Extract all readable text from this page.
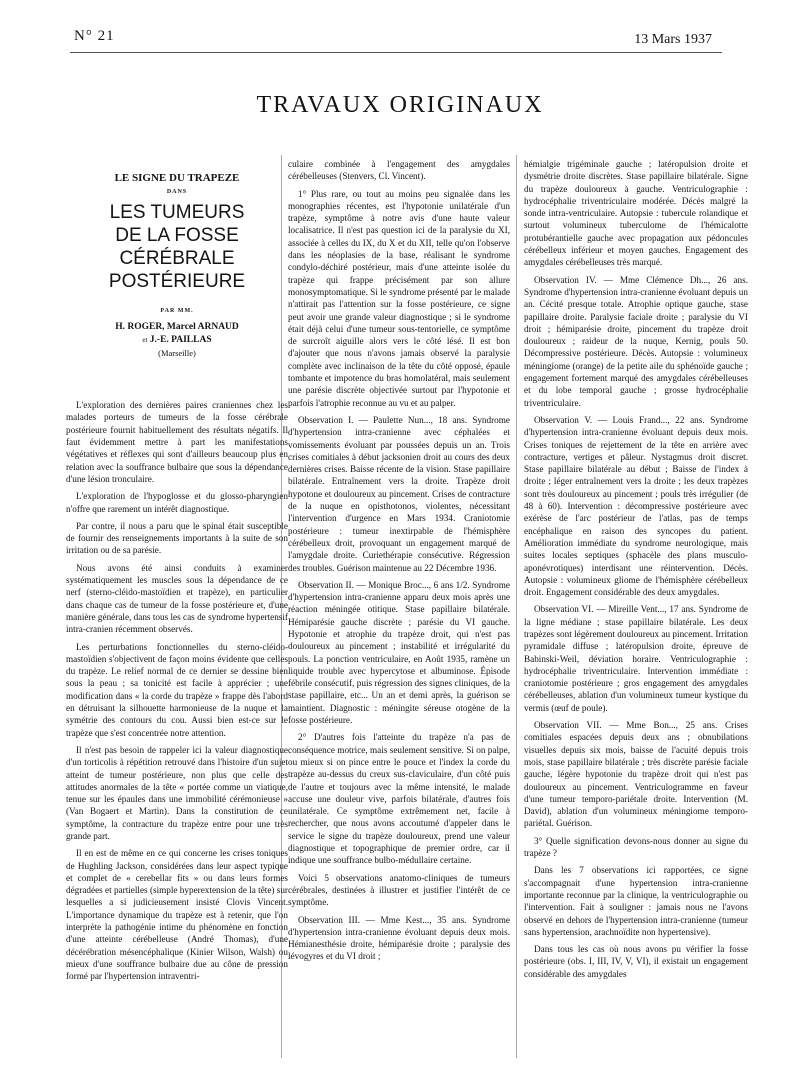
N° 21	13 Mars 1937
TRAVAUX ORIGINAUX
LE SIGNE DU TRAPEZE
DANS
LES TUMEURS
DE LA FOSSE CÉRÉBRALE
POSTÉRIEURE
PAR MM.
H. ROGER, Marcel ARNAUD
et J.-E. PAILLAS
(Marseille)

L'exploration des dernières paires craniennes chez les malades porteurs de tumeurs de la fosse cérébrale postérieure fournit habituellement des résultats négatifs. Il faut évidemment mettre à part les manifestations végétatives et réflexes qui sont d'ailleurs beaucoup plus en relation avec la souffrance bulbaire que sous la dépendance d'une lésion tronculaire.

L'exploration de l'hypoglosse et du glosso-pharyngien n'offre que rarement un intérêt diagnostique.

Par contre, il nous a paru que le spinal était susceptible de fournir des renseignements importants à la suite de son irritation ou de sa parésie.

Nous avons été ainsi conduits à examiner systématiquement les muscles sous la dépendance de ce nerf (sterno-cléido-mastoïdien et trapèze), en particulier dans chaque cas de tumeur de la fosse postérieure et, d'une manière générale, dans tous les cas de syndrome hypertensif intra-cranien récemment observés.

Les perturbations fonctionnelles du sterno-cléido-mastoïdien s'objectivent de façon moins évidente que celles du trapèze. Le relief normal de ce dernier se dessine bien sous la peau ; sa tonicité est facile à apprécier ; une modification dans « la corde du trapèze » frappe dès l'abord en détruisant la silhouette harmonieuse de la nuque et la symétrie des contours du cou. Aussi bien est-ce sur le trapèze que s'est concentrée notre attention.

Il n'est pas besoin de rappeler ici la valeur diagnostique d'un torticolis à répétition retrouvé dans l'histoire d'un sujet atteint de tumeur postérieure, non plus que celle des attitudes anormales de la tête « portée comme un viatique, tenue sur les épaules dans une immobilité cérémonieuse » (Van Bogaert et Martin). Dans la constitution de ce symptôme, la contracture du trapèze entre pour une très grande part.

Il en est de même en ce qui concerne les crises toniques de Hughling Jackson, considérées dans leur aspect typique et complet de « cerebellar fits » ou dans leurs formes dégradées et partielles (simple hyperextension de la tête) sur lesquelles a si judicieusement insisté Clovis Vincent. L'importance dynamique du trapèze est à retenir, que l'on interprète la pathogénie intime du phénomène en fonction d'une atteinte cérébelleuse (André Thomas), d'une décérébration mésencéphalique (Kinier Wilson, Walsh) ou mieux d'une souffrance bulbaire due au cône de pression formé par l'hypertension intraventri-

culaire combinée à l'engagement des amygdales cérébelleuses (Stenvers, Cl. Vincent).

1° Plus rare, ou tout au moins peu signalée dans les monographies récentes, est l'hypotonie unilatérale d'un trapèze, symptôme à notre avis d'une haute valeur localisatrice. Il n'est pas question ici de la paralysie du XI, associée à celles du IX, du X et du XII, telle qu'on l'observe dans les néoplasies de la base, réalisant le syndrome condylo-déchiré postérieur, mais d'une atteinte isolée du trapèze qui frappe précisément par son allure monosymptomatique. Si le syndrome présenté par le malade n'attirait pas l'attention sur la fosse postérieure, ce signe peut avoir une grande valeur diagnostique ; si le syndrome était déjà celui d'une tumeur sous-tentorielle, ce symptôme de surcroît aiguille alors vers le côté lésé. Il est bon d'ajouter que nous n'avons jamais observé la paralysie complète avec inclinaison de la tête du côté opposé, épaule tombante et impotence du bras homolatéral, mais seulement une parésie discrète objectivée surtout par l'hypotonie et parfois l'atrophie reconnue au vu et au palper.

Observation I. — Paulette Nun..., 18 ans. Syndrome d'hypertension intra-cranienne avec céphalées et vomissements évoluant par poussées depuis un an. Trois crises comitiales à début jacksonien droit au cours des deux dernières crises. Baisse récente de la vision. Stase papillaire bilatérale. Entraînement vers la droite. Trapèze droit hypotone et douloureux au pincement. Crises de contracture de la nuque en opisthotonos, violentes, nécessitant l'intervention d'urgence en Mars 1934. Craniotomie postérieure : tumeur inextirpable de l'hémisphère cérébelleux droit, provoquant un engagement marqué de l'amygdale droite. Curiethérapie consécutive. Régression des troubles. Guérison maintenue au 22 Décembre 1936.

Observation II. — Monique Broc..., 6 ans 1/2. Syndrome d'hypertension intra-cranienne apparu deux mois après une réaction méningée otitique. Stase papillaire bilatérale. Hémiparésie gauche discrète ; parésie du VI gauche. Hypotonie et atrophie du trapèze droit, qui n'est pas douloureux au pincement ; instabilité et irrégularité du pouls. La ponction ventriculaire, en Août 1935, ramène un liquide trouble avec hypercytose et albuminose. Épisode fébrile consécutif, puis régression des signes cliniques, de la stase papillaire, etc... Un an et demi après, la guérison se maintient. Diagnostic : méningite séreuse otogène de la fosse postérieure.

2° D'autres fois l'atteinte du trapèze n'a pas de conséquence motrice, mais seulement sensitive. Si on palpe, ou mieux si on pince entre le pouce et l'index la corde du trapèze au-dessus du creux sus-claviculaire, d'un côté puis de l'autre et toujours avec la même intensité, le malade accuse une douleur vive, parfois bilatérale, d'autres fois unilatérale. Ce symptôme extrêmement net, facile à rechercher, que nous avons accoutumé d'appeler dans le service le signe du trapèze douloureux, prend une valeur diagnostique et topographique de premier ordre, car il indique une souffrance bulbo-médullaire certaine.

Voici 5 observations anatomo-cliniques de tumeurs cérébrales, destinées à illustrer et justifier l'intérêt de ce symptôme.

Observation III. — Mme Kest..., 35 ans. Syndrome d'hypertension intra-cranienne évoluant depuis deux mois. Hémianesthésie droite, hémiparésie droite ; paralysie des lévogyres et du VI droit ;

hémialgie trigéminale gauche ; latéropulsion droite et dysmétrie droite discrètes. Stase papillaire bilatérale. Signe du trapèze douloureux à gauche. Ventriculographie : hydrocéphalie triventriculaire modérée. Décès malgré la sonde intra-ventriculaire. Autopsie : tubercule rolandique et surtout volumineux tuberculome de l'hémicalotte protubérantielle gauche avec propagation aux pédoncules cérébelleux inférieur et moyen gauches. Engagement des amygdales cérébelleuses très marqué.

Observation IV. — Mme Clémence Dh..., 26 ans. Syndrome d'hypertension intra-cranienne évoluant depuis un an. Cécité presque totale. Atrophie optique gauche, stase papillaire droite. Paralysie faciale droite ; paralysie du VI droit ; hémiparésie droite, pincement du trapèze droit douloureux ; raideur de la nuque, Kernig, pouls 50. Décompressive postérieure. Décès. Autopsie : volumineux méningiome (orange) de la petite aile du sphénoïde gauche ; engagement fortement marqué des amygdales cérébelleuses et du lobe temporal gauche ; grosse hydrocéphalie triventriculaire.

Observation V. — Louis Frand..., 22 ans. Syndrome d'hypertension intra-cranienne évoluant depuis deux mois. Crises toniques de rejettement de la tête en arrière avec contracture, vertiges et pâleur. Nystagmus droit discret. Stase papillaire bilatérale au début ; Baisse de l'index à droite ; léger entraînement vers la droite ; les deux trapèzes sont très douloureux au pincement ; pouls très irrégulier (de 48 à 60). Intervention : décompressive postérieure avec exérèse de l'arc postérieur de l'atlas, pas de temps encéphalique en raison des syncopes du patient. Amélioration immédiate du syndrome neurologique, mais suites locales septiques (sphacèle des plans musculo-aponévrotiques) interdisant une réintervention. Décès. Autopsie : volumineux gliome de l'hémisphère cérébelleux droit. Engagement considérable des deux amygdales.

Observation VI. — Mireille Vent..., 17 ans. Syndrome de la ligne médiane ; stase papillaire bilatérale. Les deux trapèzes sont légèrement douloureux au pincement. Irritation pyramidale diffuse ; latéropulsion droite, épreuve de Babinski-Weil, déviation horaire. Ventriculographie : hydrocéphalie triventriculaire. Intervention immédiate : craniotomie postérieure ; gros engagement des amygdales cérébelleuses, ablation d'un volumineux tumeur kystique du vermis (œuf de poule).

Observation VII. — Mme Bon..., 25 ans. Crises comitiales espacées depuis deux ans ; obnubilations visuelles depuis six mois, baisse de l'acuité depuis trois mois, stase papillaire bilatérale ; très discrète parésie faciale gauche, légère hypotonie du trapèze droit qui n'est pas douloureux au pincement. Ventriculogramme en faveur d'une tumeur temporo-pariétale droite. Intervention (M. David), ablation d'un volumineux méningiome temporo-pariétal. Guérison.

3° Quelle signification devons-nous donner au signe du trapèze ?

Dans les 7 observations ici rapportées, ce signe s'accompagnait d'une hypertension intra-cranienne importante reconnue par la clinique, la ventriculographie ou l'intervention. Fait à souligner : jamais nous ne l'avons observé en dehors de l'hypertension intra-cranienne (tumeur sans hypertension, arachnoïdite non hypertensive).

Dans tous les cas où nous avons pu vérifier la fosse postérieure (obs. I, III, IV, V, VI), il existait un engagement considérable des amygdales
